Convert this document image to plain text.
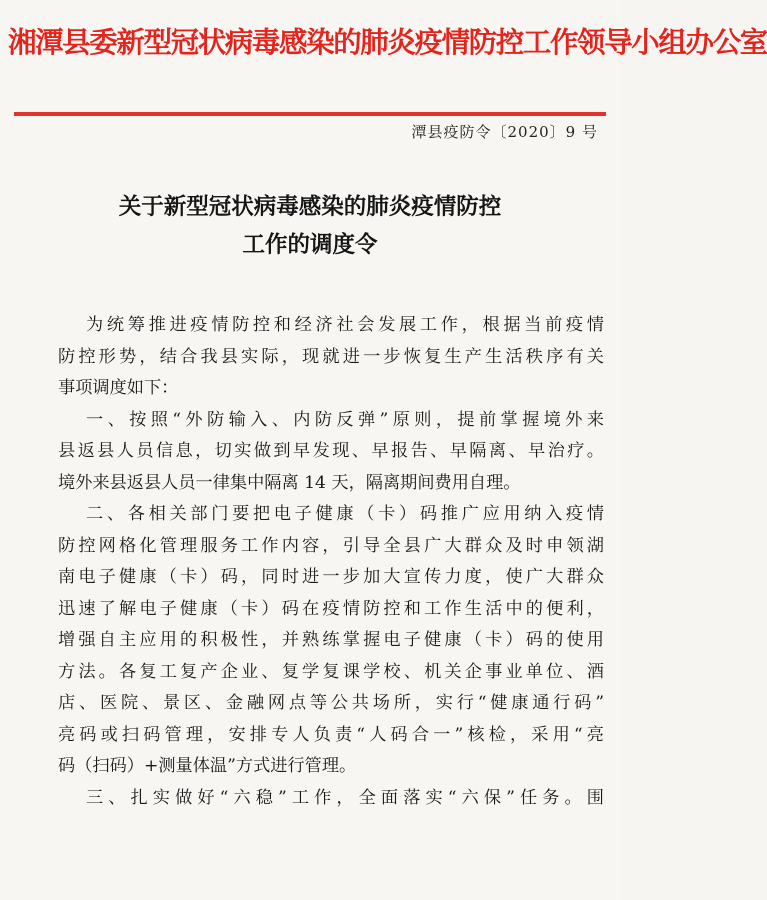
湘潭县委新型冠状病毒感染的肺炎疫情防控工作领导小组办公室
潭县疫防令〔2020〕9 号
关于新型冠状病毒感染的肺炎疫情防控
工作的调度令
为统筹推进疫情防控和经济社会发展工作，根据当前疫情
防控形势，结合我县实际，现就进一步恢复生产生活秩序有关
事项调度如下：
一、按照“外防输入、内防反弹”原则，提前掌握境外来
县返县人员信息，切实做到早发现、早报告、早隔离、早治疗。
境外来县返县人员一律集中隔离 14 天，隔离期间费用自理。
二、各相关部门要把电子健康（卡）码推广应用纳入疫情
防控网格化管理服务工作内容，引导全县广大群众及时申领湖
南电子健康（卡）码，同时进一步加大宣传力度，使广大群众
迅速了解电子健康（卡）码在疫情防控和工作生活中的便利，
增强自主应用的积极性，并熟练掌握电子健康（卡）码的使用
方法。各复工复产企业、复学复课学校、机关企事业单位、酒
店、医院、景区、金融网点等公共场所，实行“健康通行码”
亮码或扫码管理，安排专人负责“人码合一”核检，采用“亮
码（扫码）+测量体温”方式进行管理。
三、扎实做好“六稳”工作，全面落实“六保”任务。围
